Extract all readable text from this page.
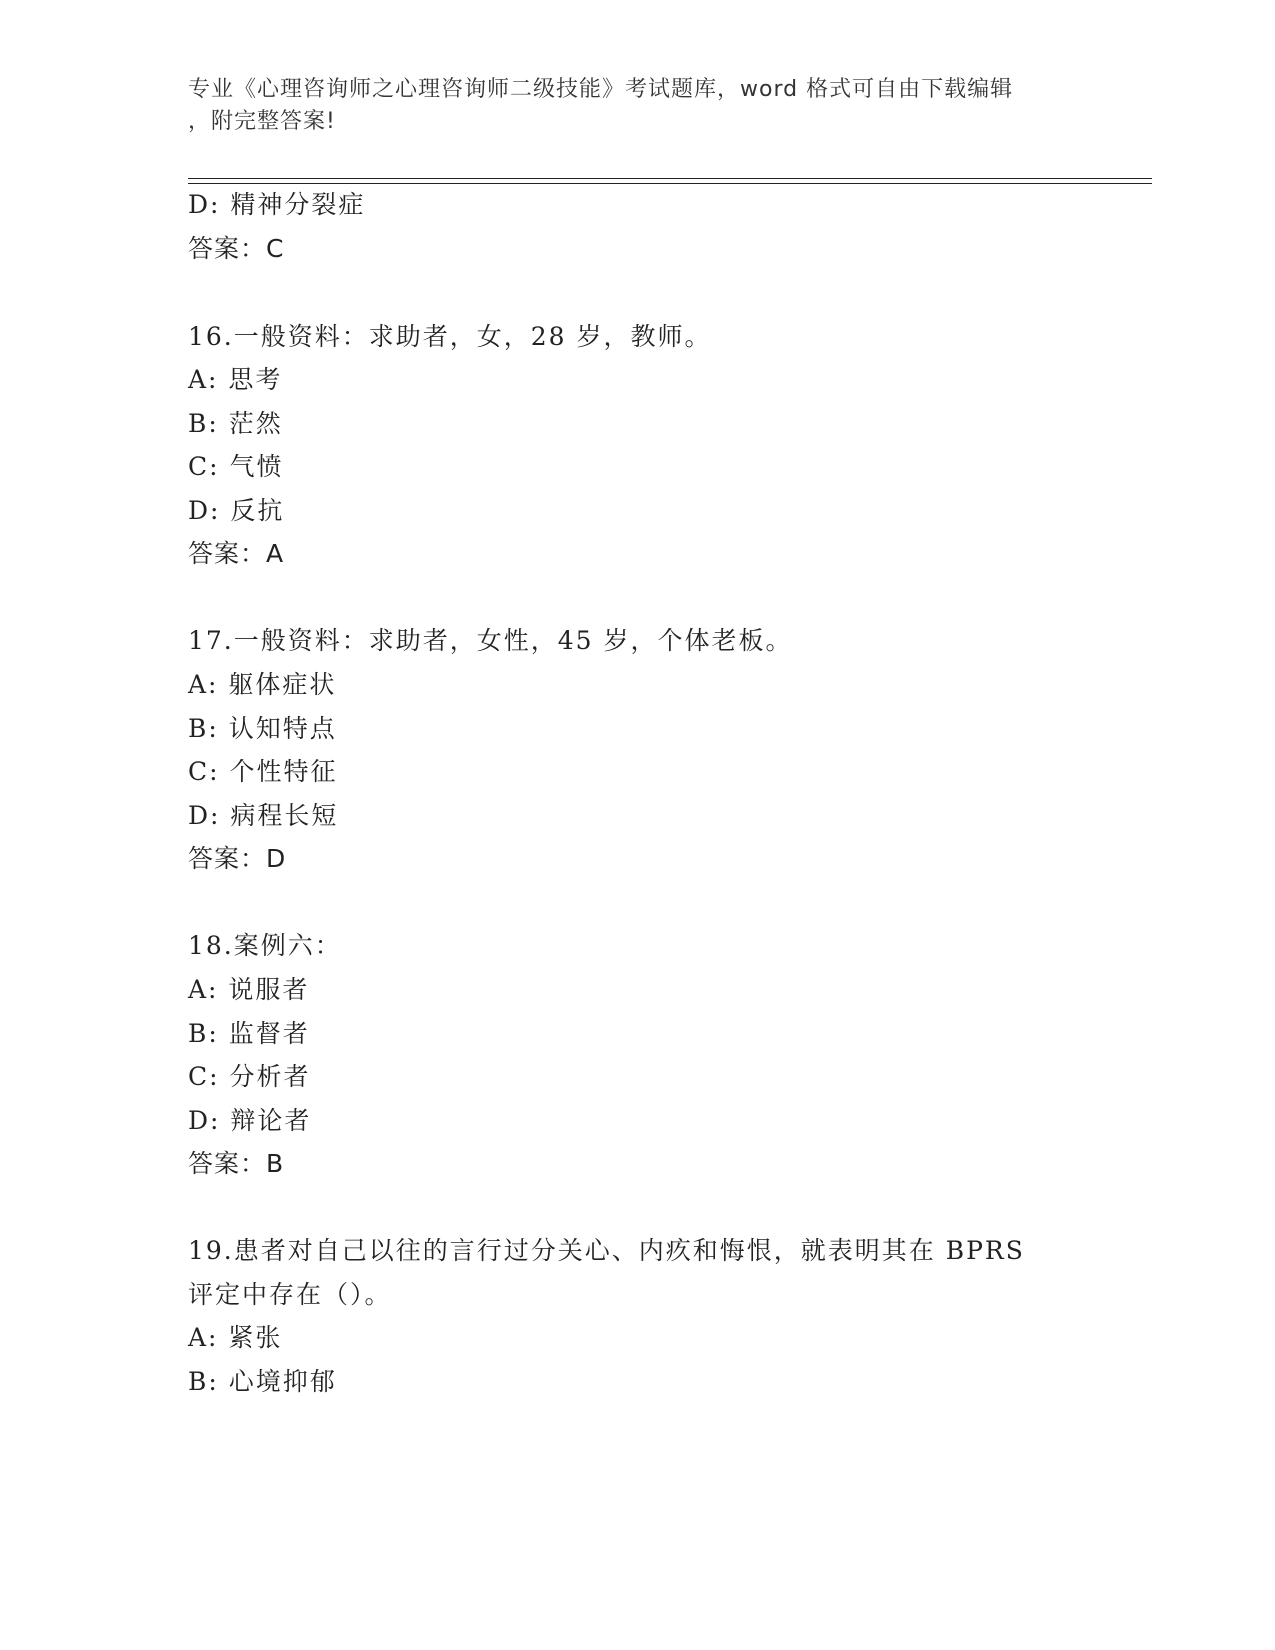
专业《心理咨询师之心理咨询师二级技能》考试题库，word 格式可自由下载编辑
，附完整答案!
D: 精神分裂症
答案：C
16.一般资料：求助者，女，28 岁，教师。
A: 思考
B: 茫然
C: 气愤
D: 反抗
答案：A
17.一般资料：求助者，女性，45 岁，个体老板。
A: 躯体症状
B: 认知特点
C: 个性特征
D: 病程长短
答案：D
18.案例六：
A: 说服者
B: 监督者
C: 分析者
D: 辩论者
答案：B
19.患者对自己以往的言行过分关心、内疚和悔恨，就表明其在 BPRS
评定中存在（）。
A: 紧张
B: 心境抑郁
